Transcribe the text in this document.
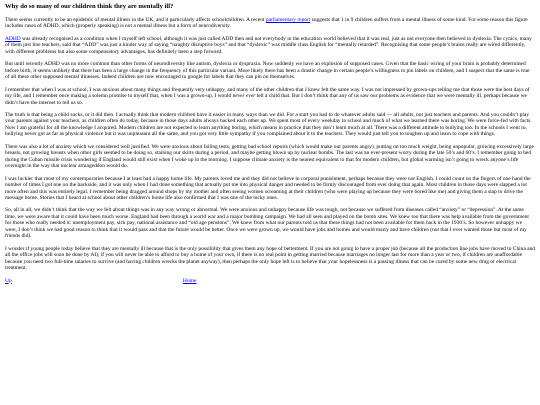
Why do so many of our children think they are mentally ill?

There seems currently to be an epidemic of mental illness in the UK, and it particularly affects schoolchildren. A recent parliamentary report suggests that 1 in 9 children suffers from a mental illness of some kind. For some reason this figure includes cases of ADHD, which (properly speaking) is not a mental illness but a form of neurodiversity.

ADHD was already recognised as a condition when I myself left school, although it was just called ADD then and not everybody in the education world believed that it was real, just as not everyone then believed in dyslexia. The cynics, many of them just line teachers, said that “ADD” was just a kinder way of saying “naughty disruptive boys” and that “dyslexic” was middle class English for “mentally retarded”. Recognising that some people’s brains really are wired differently, with different problems but also some compensatory advantages, has definitely been a step forward.

But until recently ADHD was no more common than other forms of neurodiversity like autism, dyslexia or dyspraxia. Now suddenly we have an explosion of supposed cases. Given that the basic wiring of your brain is probably determined before birth, it seems unlikely that there has been a large change in the frequency of this particular variant. More likely there has been a drastic change in certain people’s willingness to pin labels on children, and I suspect that the same is true of all these other supposed mental illnesses. Indeed children are now encouraged to google for labels that they can pin on themselves.

I remember that when I was at school, I was anxious about many things and frequently very unhappy, and many of the other children that I knew felt the same way. I was not impressed by grown-ups telling me that those were the best days of my life, and I remember once making a solemn promise to myself that, when I was a grown-up, I would never ever tell a child that. But I don’t think that any of us saw our problems as evidence that we were mentally ill, perhaps because we didn’t have the internet to tell us so.

The truth is that being a child sucks, or it did then. I actually think that modern children have it easier in many ways than we did. For a start you had to do whatever adults said — all adults, not just teachers and parents. And you couldn’t play your parents against your teachers, as children often do today, because in those days adults always backed each other up. We spent most of every weekday in school and much of what we learned there was boring. We were force-fed with facts. Now I am grateful for all the knowledge I acquired. Modern children are not expected to learn anything boring, which means in practice that they don’t learn much at all. There was a different attitude to bullying too. In the schools I went to, bullying never got as far as physical violence but it was unpleasant all the same, and you got very little sympathy if you complained about it to the teachers. They would just tell you to toughen up and learn to cope with things.

There was also a lot of anxiety which we considered well justified. We were anxious about failing tests, getting bad school reports (which would make our parents angry), putting on too much weight, being unpopular, growing excessively large breasts, not growing breasts when other girls seemed to be doing so, staining our skirts during a period, and maybe getting blown up by nuclear bombs. The last was an ever-present worry during the late 50’s and 60’s. I remember going to bed during the Cuban missile crisis wondering if England would still exist when I woke up in the morning. I suppose climate anxiety is the nearest equivalent to that for modern children, but global warming isn’t going to wreck anyone’s life overnight in the way that nuclear armageddon would do.

I was luckier that most of my contemporaries because I at least had a happy home life. My parents loved me and they did not believe in corporal punishment, perhaps because they were not English. I could count on the fingers of one hand the number of times I got one on the backside, and it was only when I had done something that actually put me into physical danger and needed to be firmly discouraged from ever doing that again. Most children in those days were slapped a lot more often and this was entirely legal. I remember being dragged around shops by my mother and often seeing women screaming at their children (who were playing up because they were bored like me) and giving them a slap to drive the message home. Stories that I heard at school about other children’s home life also confirmed that I was one of the lucky ones.

So, all in all, we didn’t think that the way we felt about things was in any way wrong or abnormal. We were anxious and unhappy because life was tough, not because we suffered from diseases called “anxiety” or “depression”. At the same time, we were aware that it could have been much worse. England had been through a world war and a major bombing campaign. We had all seen and played on the bomb sites. We knew too that there was help available from the government for those who really needed it: unemployment pay, sick pay, national assistance and “old age pensions”. We knew from what our parents told us that these things had not been available for them back in the 1930’s. So however unhappy we were, I don’t think we had good reason to think that it would pass and that the future would be better. Once we were grown up, we would have jobs and homes and would marry and have children (not that I ever wanted those but most of my friends did).

I wonder if young people today believe that they are mentally ill because that is the only possibility that gives them any hope of betterment. If you are not going to have a proper job (because all the production line jobs have moved to China and all the office jobs will soon be done by AI), if you will never be able to afford to buy a home of your own, if there is no real point in getting married because marriages no longer last for more than a year or two, if children are unaffordable because you need two full-time salaries to survive (and having children wrecks the planet anyway), then perhaps the only hope left is to believe that your hopelessness is a passing illness that can be cured by some new drug or electrical treatment.

Up	Home
